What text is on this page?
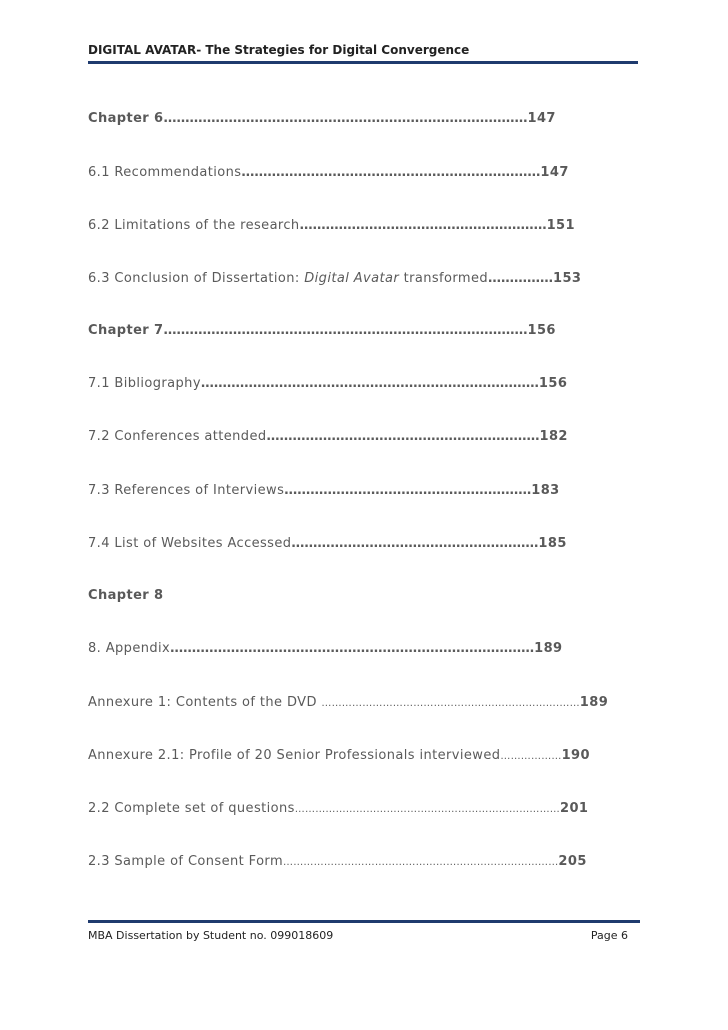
DIGITAL AVATAR- The Strategies for Digital Convergence
Chapter 6…………………………………………………………………………147
6.1 Recommendations……………………………………………………………147
6.2 Limitations of the research…………………………………………………151
6.3 Conclusion of Dissertation: Digital Avatar transformed……………153
Chapter 7…………………………………………………………………………156
7.1 Bibliography……………………………………………………………………156
7.2 Conferences attended………………………………………………………182
7.3 References of Interviews…………………………………………………183
7.4 List of Websites Accessed…………………………………………………185
Chapter 8
8. Appendix…………………………………………………………………………189
Annexure 1: Contents of the DVD …………………………………………………………….……189
Annexure 2.1: Profile of 20 Senior Professionals interviewed………………190
2.2 Complete set of questions……………………………………………………………………201
2.3 Sample of Consent Form………………………………………………………………………205
MBA Dissertation by Student no. 099018609	Page 6
